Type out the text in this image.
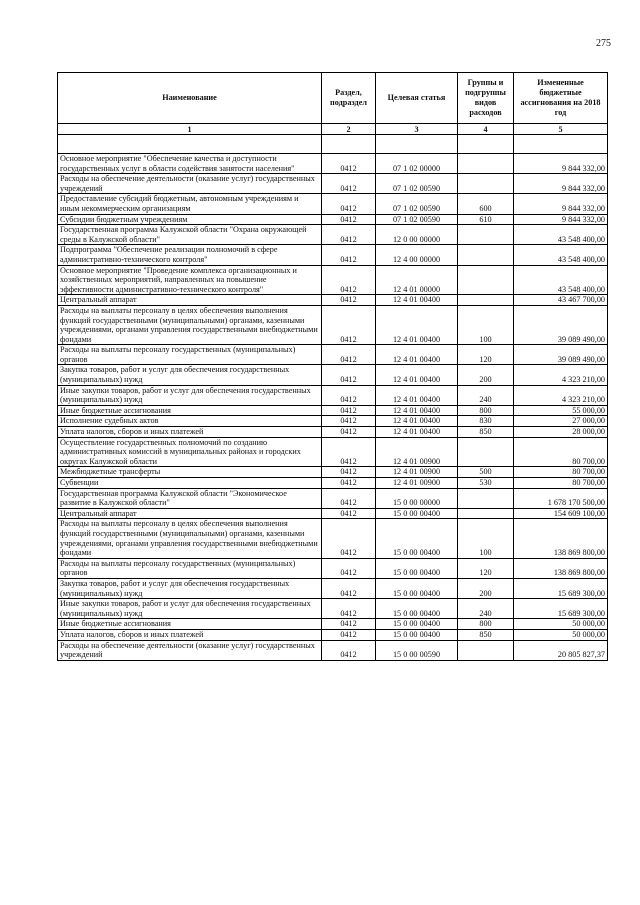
275
Наименование	Раздел, подраздел	Целевая статья	Группы и подгруппы видов расходов	Измененные бюджетные ассигнования на 2018 год
1	2	3	4	5

Основное мероприятие "Обеспечение качества и доступности государственных услуг в области содействия занятости населения"	0412	07 1 02 00000		9 844 332,00
Расходы на обеспечение деятельности (оказание услуг) государственных учреждений	0412	07 1 02 00590		9 844 332,00
Предоставление субсидий бюджетным, автономным учреждениям и иным некоммерческим организациям	0412	07 1 02 00590	600	9 844 332,00
Субсидии бюджетным учреждениям	0412	07 1 02 00590	610	9 844 332,00
Государственная программа Калужской области "Охрана окружающей среды в Калужской области"	0412	12 0 00 00000		43 548 400,00
Подпрограмма "Обеспечение реализации полномочий в сфере административно-технического контроля"	0412	12 4 00 00000		43 548 400,00
Основное мероприятие "Проведение комплекса организационных и хозяйственных мероприятий, направленных на повышение эффективности административно-технического контроля"	0412	12 4 01 00000		43 548 400,00
Центральный аппарат	0412	12 4 01 00400		43 467 700,00
Расходы на выплаты персоналу в целях обеспечения выполнения функций государственными (муниципальными) органами, казенными учреждениями, органами управления государственными внебюджетными фондами	0412	12 4 01 00400	100	39 089 490,00
Расходы на выплаты персоналу государственных (муниципальных) органов	0412	12 4 01 00400	120	39 089 490,00
Закупка товаров, работ и услуг для обеспечения государственных (муниципальных) нужд	0412	12 4 01 00400	200	4 323 210,00
Иные закупки товаров, работ и услуг для обеспечения государственных (муниципальных) нужд	0412	12 4 01 00400	240	4 323 210,00
Иные бюджетные ассигнования	0412	12 4 01 00400	800	55 000,00
Исполнение судебных актов	0412	12 4 01 00400	830	27 000,00
Уплата налогов, сборов и иных платежей	0412	12 4 01 00400	850	28 000,00
Осуществление государственных полномочий по созданию административных комиссий в муниципальных районах и городских округах Калужской области	0412	12 4 01 00900		80 700,00
Межбюджетные трансферты	0412	12 4 01 00900	500	80 700,00
Субвенции	0412	12 4 01 00900	530	80 700,00
Государственная программа Калужской области "Экономическое развитие в Калужской области"	0412	15 0 00 00000		1 678 170 500,00
Центральный аппарат	0412	15 0 00 00400		154 609 100,00
Расходы на выплаты персоналу в целях обеспечения выполнения функций государственными (муниципальными) органами, казенными учреждениями, органами управления государственными внебюджетными фондами	0412	15 0 00 00400	100	138 869 800,00
Расходы на выплаты персоналу государственных (муниципальных) органов	0412	15 0 00 00400	120	138 869 800,00
Закупка товаров, работ и услуг для обеспечения государственных (муниципальных) нужд	0412	15 0 00 00400	200	15 689 300,00
Иные закупки товаров, работ и услуг для обеспечения государственных (муниципальных) нужд	0412	15 0 00 00400	240	15 689 300,00
Иные бюджетные ассигнования	0412	15 0 00 00400	800	50 000,00
Уплата налогов, сборов и иных платежей	0412	15 0 00 00400	850	50 000,00
Расходы на обеспечение деятельности (оказание услуг) государственных учреждений	0412	15 0 00 00590		20 805 827,37
